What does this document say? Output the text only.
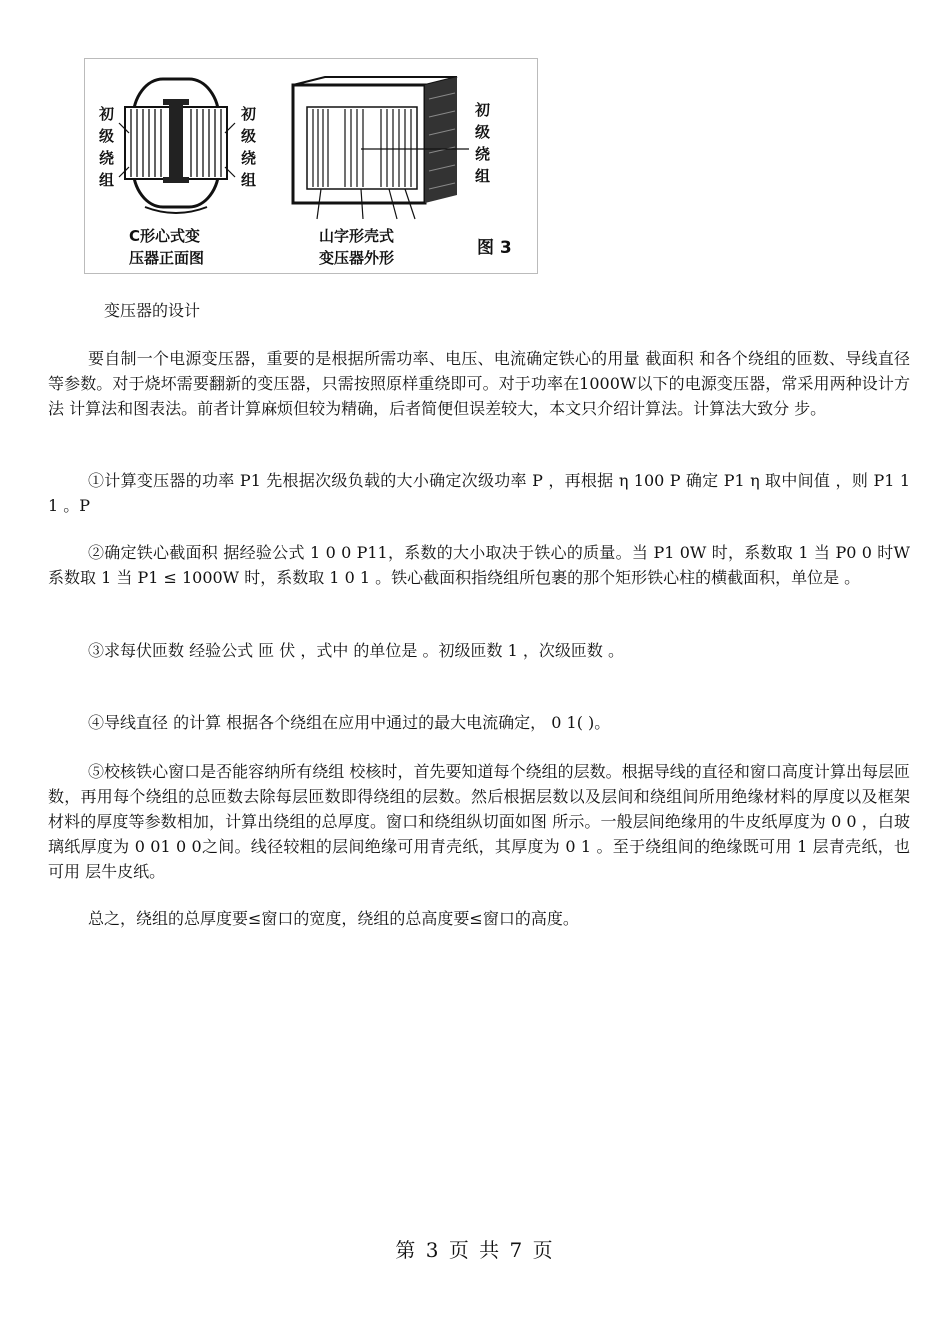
初 级 绕 组
初 级 绕 组
C形心式变 压器正面图
初 级 绕 组
山字形壳式 变压器外形	图 3
变压器的设计

要自制一个电源变压器，重要的是根据所需功率、电压、电流确定铁心的用量 截面积 和各个绕组的匝数、导线直径等参数。对于烧坏需要翻新的变压器，只需按照原样重绕即可。对于功率在1000W以下的电源变压器，常采用两种设计方法 计算法和图表法。前者计算麻烦但较为精确，后者简便但误差较大，本文只介绍计算法。计算法大致分 步。

①计算变压器的功率 P1 先根据次级负载的大小确定次级功率 P ，再根据 η 100 P 确定 P1 η 取中间值 ，则 P1 1 1 。P

②确定铁心截面积 据经验公式 1 0 0 P11，系数的大小取决于铁心的质量。当 P1 0W 时，系数取 1 当 P0 0 时W 系数取 1 当 P1 ≤ 1000W 时，系数取 1 0 1 。铁心截面积指绕组所包裹的那个矩形铁心柱的横截面积，单位是 。

③求每伏匝数 经验公式 匝 伏 ，式中 的单位是 。初级匝数 1 ，次级匝数 。

④导线直径 的计算 根据各个绕组在应用中通过的最大电流确定， 0 1( )。

⑤校核铁心窗口是否能容纳所有绕组 校核时，首先要知道每个绕组的层数。根据导线的直径和窗口高度计算出每层匝数，再用每个绕组的总匝数去除每层匝数即得绕组的层数。然后根据层数以及层间和绕组间所用绝缘材料的厚度以及框架材料的厚度等参数相加，计算出绕组的总厚度。窗口和绕组纵切面如图 所示。一般层间绝缘用的牛皮纸厚度为 0 0 ，白玻璃纸厚度为 0 01 0 0之间。线径较粗的层间绝缘可用青壳纸，其厚度为 0 1 。至于绕组间的绝缘既可用 1 层青壳纸，也可用 层牛皮纸。

总之，绕组的总厚度要≤窗口的宽度，绕组的总高度要≤窗口的高度。

第 3 页 共 7 页
